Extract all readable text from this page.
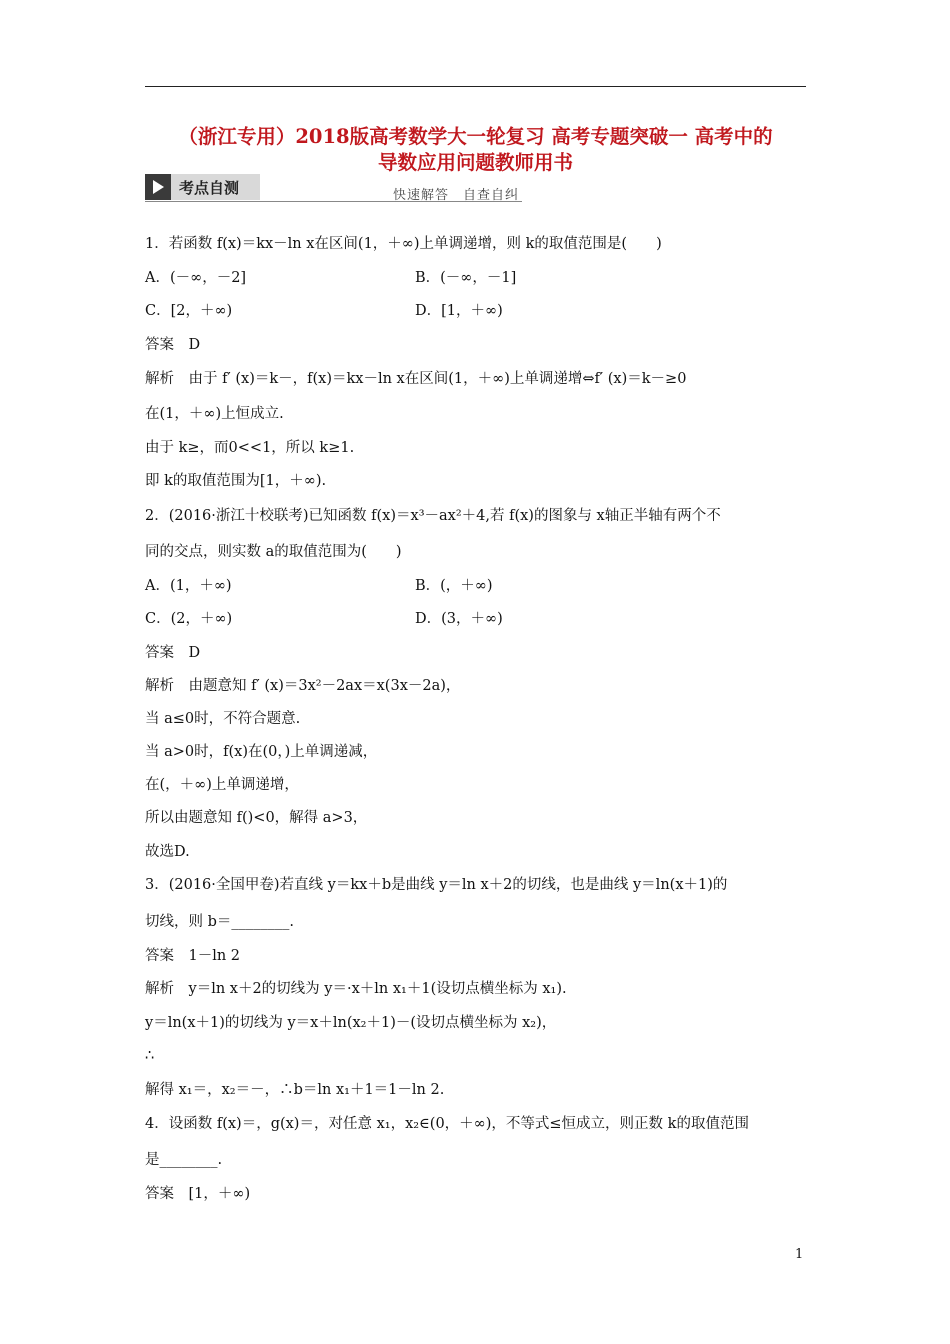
（浙江专用）2018版高考数学大一轮复习 高考专题突破一 高考中的
导数应用问题教师用书
考点自测	快速解答　自查自纠
1．若函数 f(x)＝kx－ln x在区间(1，＋∞)上单调递增，则 k的取值范围是(　　)
A．(－∞，－2]	B．(－∞，－1]
C．[2，＋∞)	D．[1，＋∞)
答案　D
解析　由于 f′ (x)＝k－，f(x)＝kx－ln x在区间(1，＋∞)上单调递增⇔f′ (x)＝k－≥0
在(1，＋∞)上恒成立.
由于 k≥，而0<<1，所以 k≥1.
即 k的取值范围为[1，＋∞).
2．(2016·浙江十校联考)已知函数 f(x)＝x³－ax²＋4,若 f(x)的图象与 x轴正半轴有两个不
同的交点，则实数 a的取值范围为(　　)
A．(1，＋∞)	B．(，＋∞)
C．(2，＋∞)	D．(3，＋∞)
答案　D
解析　由题意知 f′ (x)＝3x²－2ax＝x(3x－2a)，
当 a≤0时，不符合题意.
当 a>0时，f(x)在(0，)上单调递减，
在(，＋∞)上单调递增，
所以由题意知 f()<0，解得 a>3，
故选D.
3．(2016·全国甲卷)若直线 y＝kx＋b是曲线 y＝ln x＋2的切线，也是曲线 y＝ln(x＋1)的
切线，则 b＝________.
答案　1－ln 2
解析　y＝ln x＋2的切线为 y＝·x＋ln x₁＋1(设切点横坐标为 x₁).
y＝ln(x＋1)的切线为 y＝x＋ln(x₂＋1)－(设切点横坐标为 x₂)，
∴
解得 x₁＝，x₂＝－，∴b＝ln x₁＋1＝1－ln 2.
4．设函数 f(x)＝，g(x)＝，对任意 x₁，x₂∈(0，＋∞)，不等式≤恒成立，则正数 k的取值范围
是________.
答案　[1，＋∞)
1
